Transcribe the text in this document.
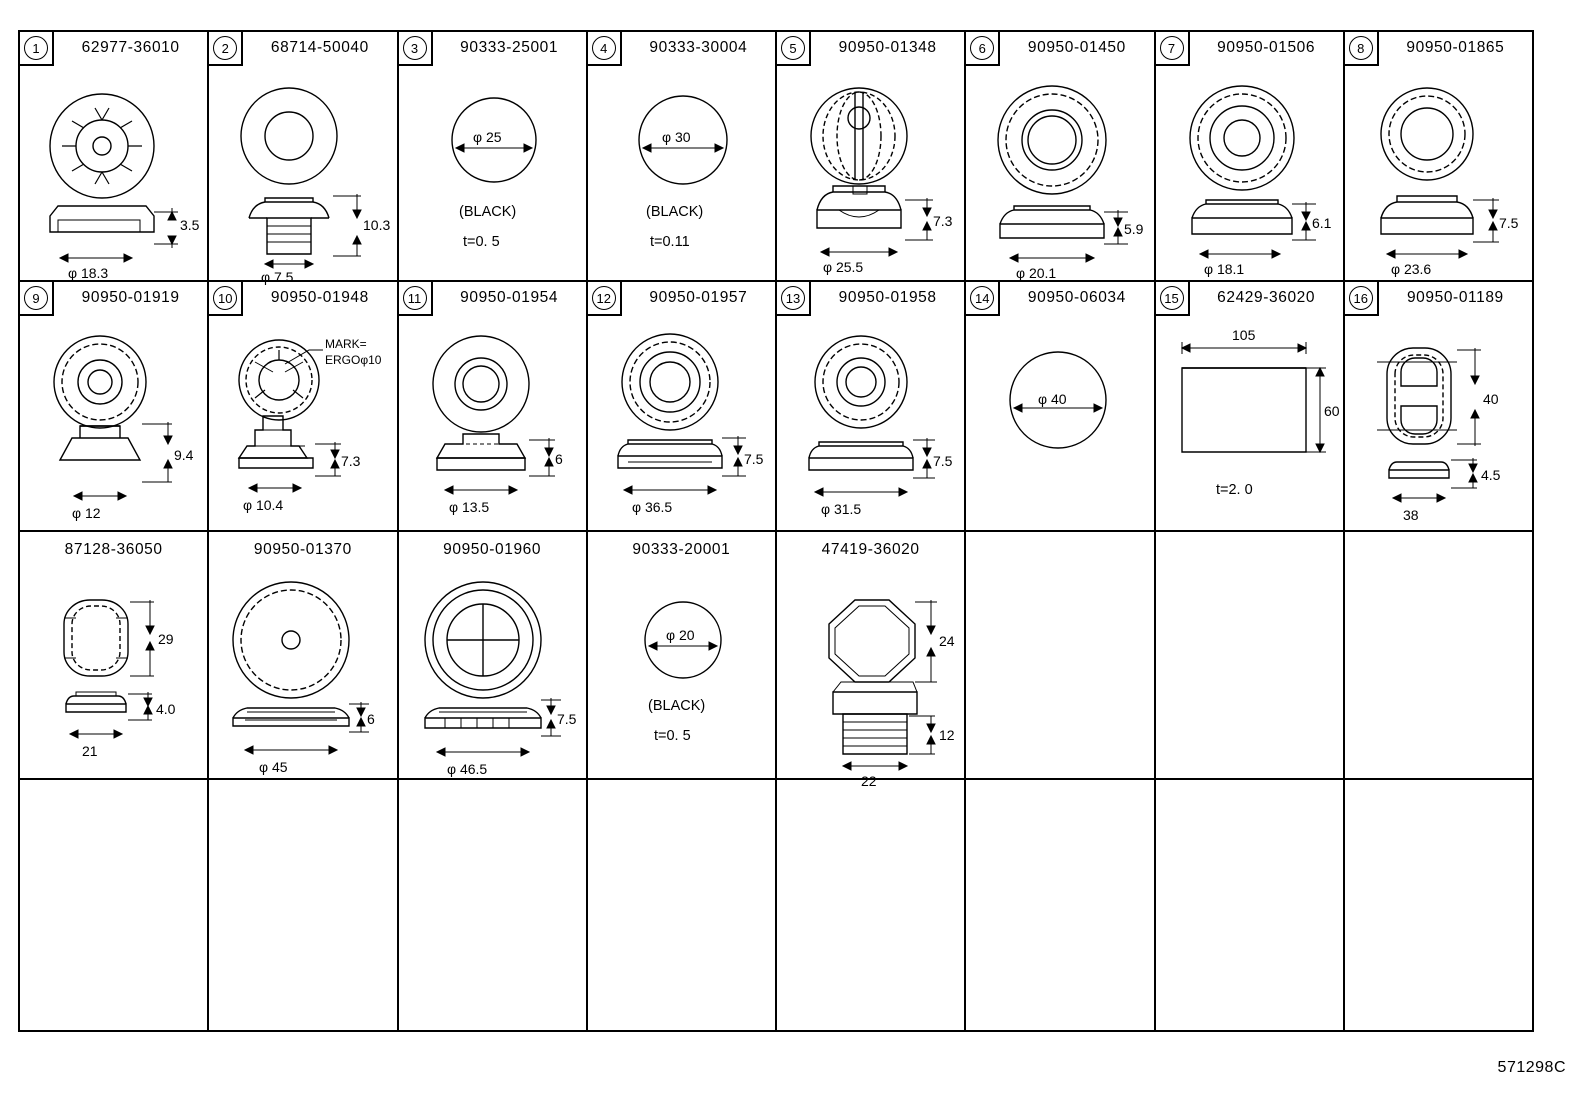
1	62977-36010
3.5
φ 18.3
2	68714-50040
10.3
φ 7.5
3	90333-25001
φ 25
(BLACK)
t=0. 5
4	90333-30004
φ 30
(BLACK)
t=0.11
5	90950-01348
7.3
φ 25.5
6	90950-01450
5.9
φ 20.1
7	90950-01506
6.1
φ 18.1
8	90950-01865
7.5
φ 23.6
9	90950-01919
9.4
φ 12
10	90950-01948
7.3
φ 10.4
MARK=
ERGOφ10
11	90950-01954
6
φ 13.5
12	90950-01957
7.5
φ 36.5
13	90950-01958
7.5
φ 31.5
14	90950-06034
φ 40
15	62429-36020
105
60
t=2. 0
16	90950-01189
40
4.5
38
87128-36050
29
4.0
21
90950-01370
6
φ 45
90950-01960
7.5
φ 46.5
90333-20001
φ 20
(BLACK)
t=0. 5
47419-36020
24
12
22
571298C
